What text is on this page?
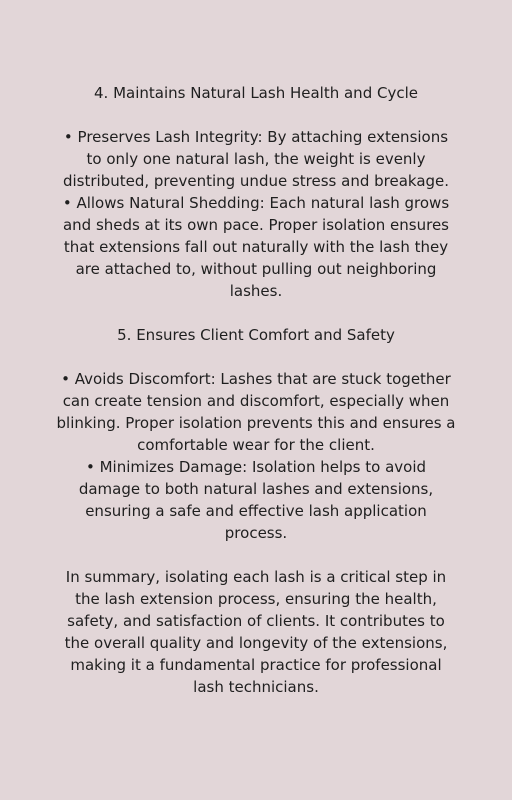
4. Maintains Natural Lash Health and Cycle

• Preserves Lash Integrity: By attaching extensions to only one natural lash, the weight is evenly distributed, preventing undue stress and breakage.

• Allows Natural Shedding: Each natural lash grows and sheds at its own pace. Proper isolation ensures that extensions fall out naturally with the lash they are attached to, without pulling out neighboring lashes.

5. Ensures Client Comfort and Safety

• Avoids Discomfort: Lashes that are stuck together can create tension and discomfort, especially when blinking. Proper isolation prevents this and ensures a comfortable wear for the client.

• Minimizes Damage: Isolation helps to avoid damage to both natural lashes and extensions, ensuring a safe and effective lash application process.

In summary, isolating each lash is a critical step in the lash extension process, ensuring the health, safety, and satisfaction of clients. It contributes to the overall quality and longevity of the extensions, making it a fundamental practice for professional lash technicians.
